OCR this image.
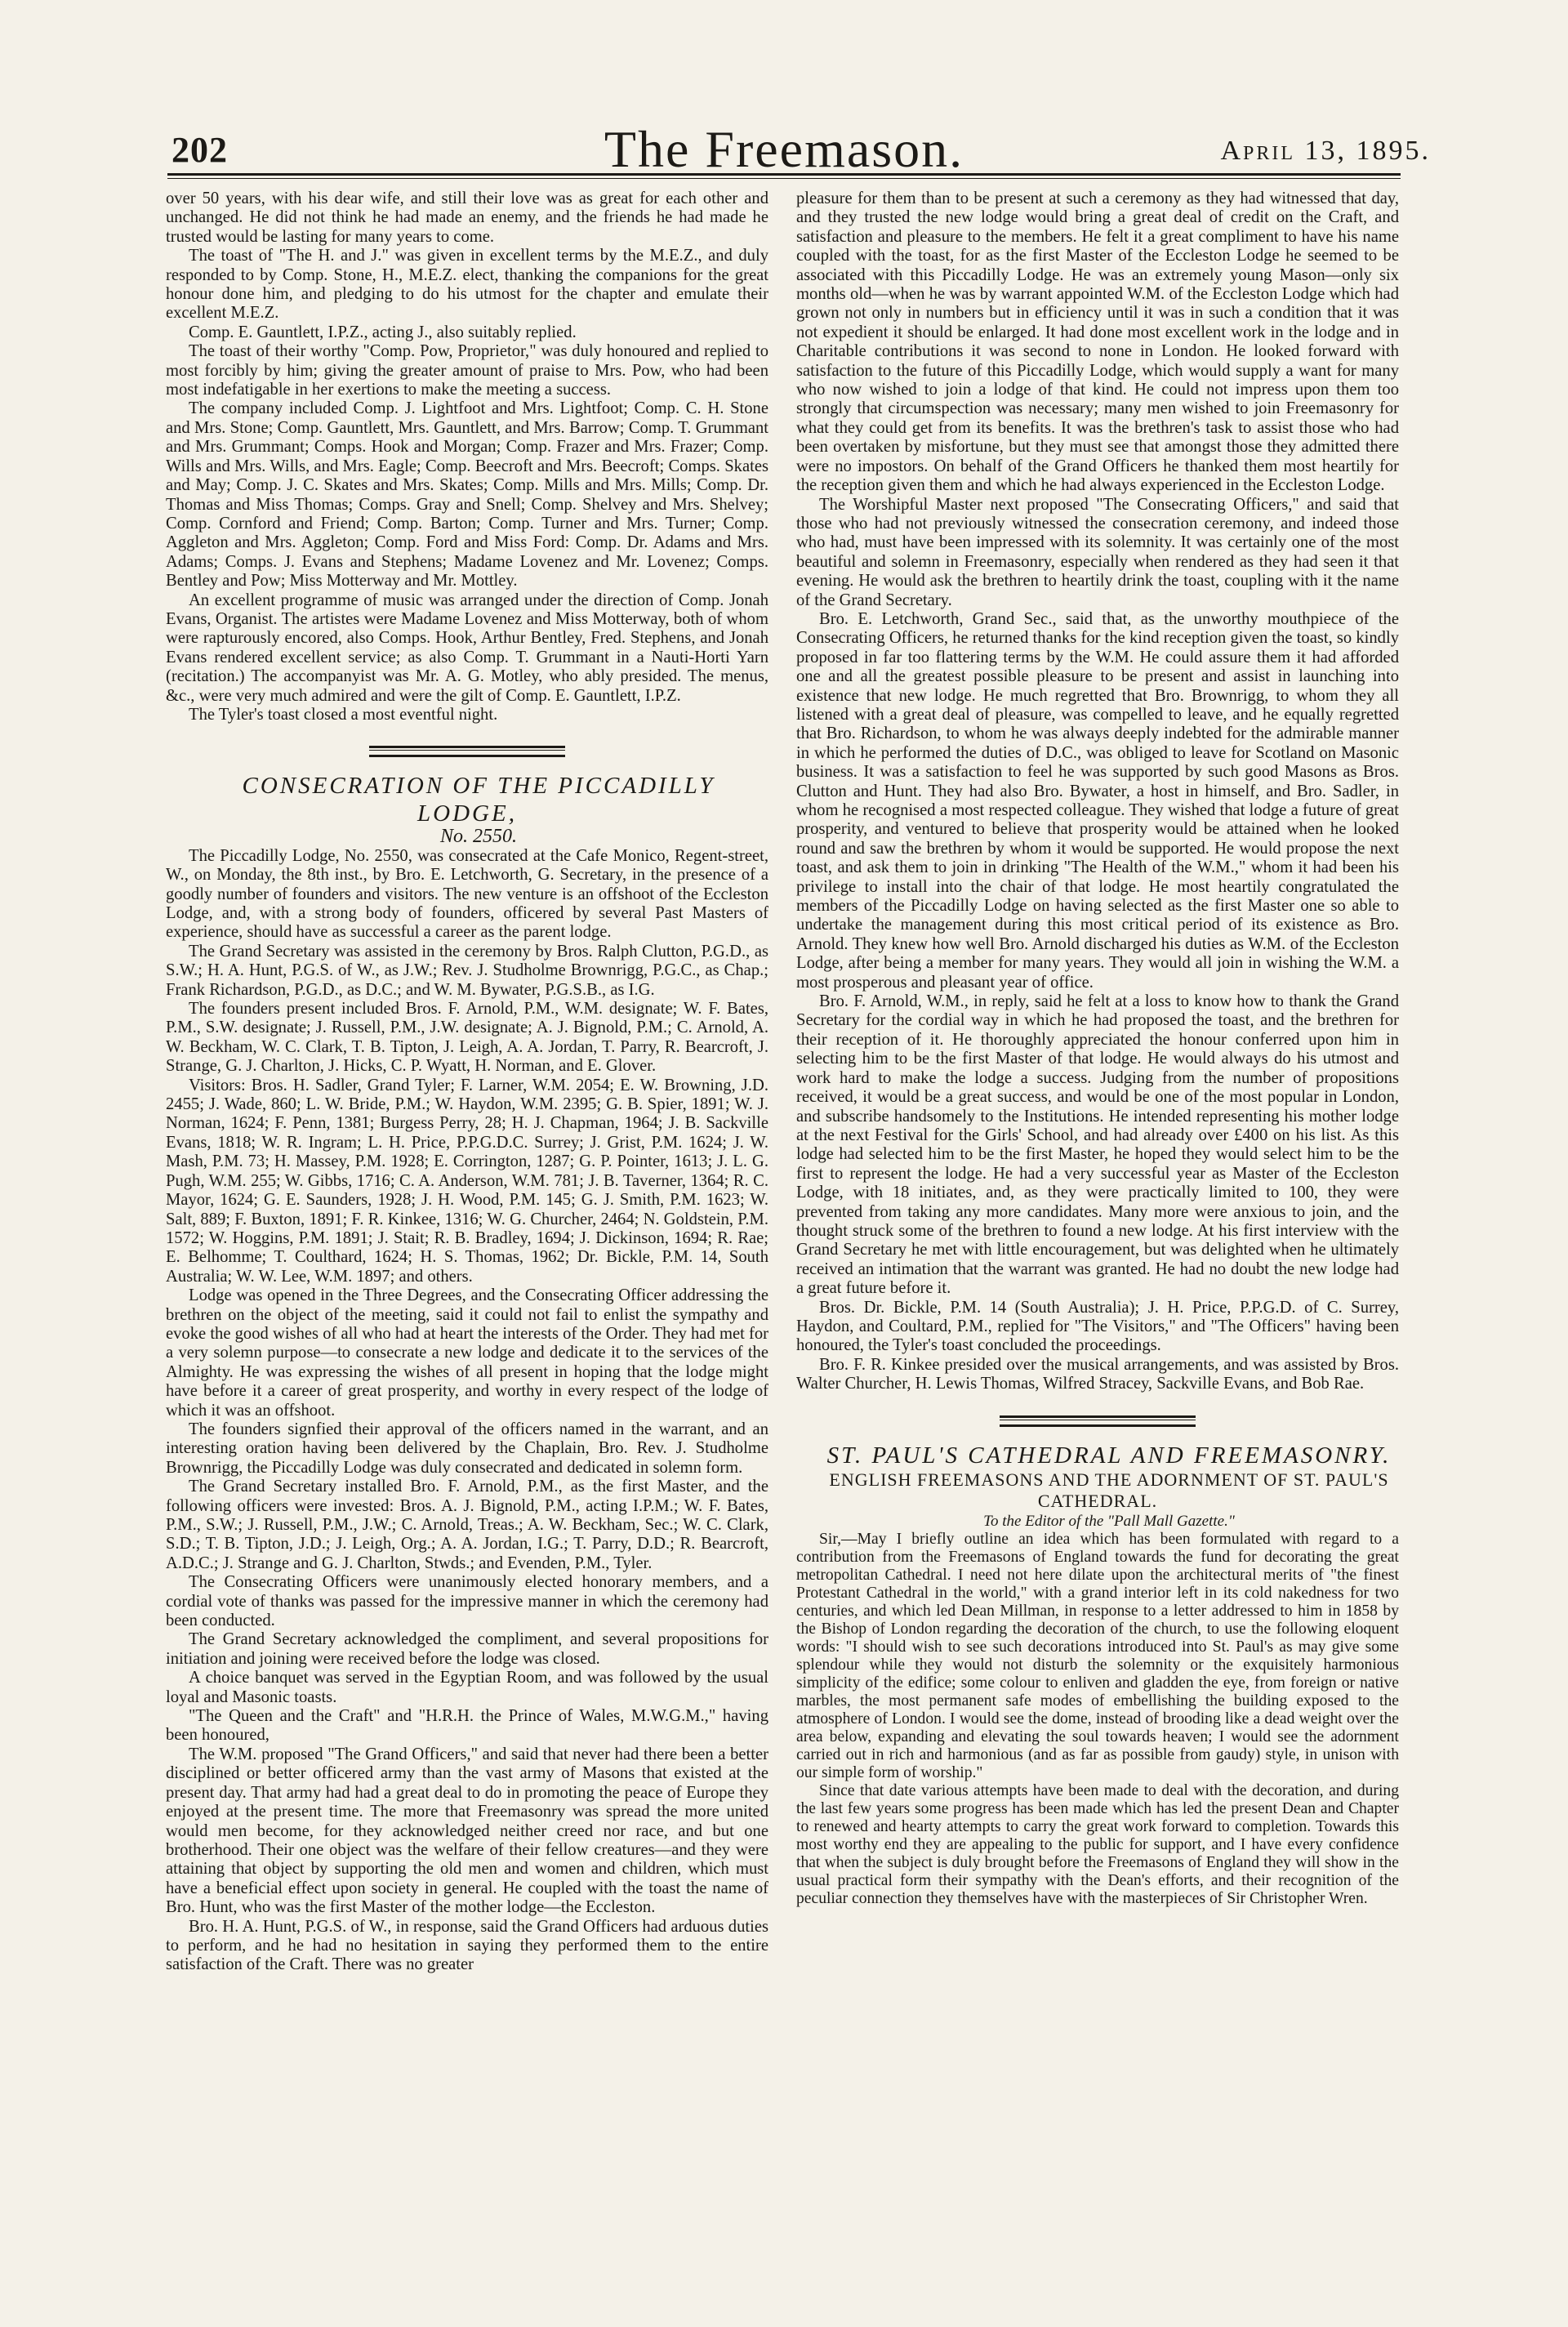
202	The Freemason.	April 13, 1895.

over 50 years, with his dear wife, and still their love was as great for each other and unchanged. He did not think he had made an enemy, and the friends he had made he trusted would be lasting for many years to come.

The toast of "The H. and J." was given in excellent terms by the M.E.Z., and duly responded to by Comp. Stone, H., M.E.Z. elect, thanking the companions for the great honour done him, and pledging to do his utmost for the chapter and emulate their excellent M.E.Z.

Comp. E. Gauntlett, I.P.Z., acting J., also suitably replied.

The toast of their worthy "Comp. Pow, Proprietor," was duly honoured and replied to most forcibly by him; giving the greater amount of praise to Mrs. Pow, who had been most indefatigable in her exertions to make the meeting a success.

The company included Comp. J. Lightfoot and Mrs. Lightfoot; Comp. C. H. Stone and Mrs. Stone; Comp. Gauntlett, Mrs. Gauntlett, and Mrs. Barrow; Comp. T. Grummant and Mrs. Grummant; Comps. Hook and Morgan; Comp. Frazer and Mrs. Frazer; Comp. Wills and Mrs. Wills, and Mrs. Eagle; Comp. Beecroft and Mrs. Beecroft; Comps. Skates and May; Comp. J. C. Skates and Mrs. Skates; Comp. Mills and Mrs. Mills; Comp. Dr. Thomas and Miss Thomas; Comps. Gray and Snell; Comp. Shelvey and Mrs. Shelvey; Comp. Cornford and Friend; Comp. Barton; Comp. Turner and Mrs. Turner; Comp. Aggleton and Mrs. Aggleton; Comp. Ford and Miss Ford: Comp. Dr. Adams and Mrs. Adams; Comps. J. Evans and Stephens; Madame Lovenez and Mr. Lovenez; Comps. Bentley and Pow; Miss Motterway and Mr. Mottley.

An excellent programme of music was arranged under the direction of Comp. Jonah Evans, Organist. The artistes were Madame Lovenez and Miss Motterway, both of whom were rapturously encored, also Comps. Hook, Arthur Bentley, Fred. Stephens, and Jonah Evans rendered excellent service; as also Comp. T. Grummant in a Nauti-Horti Yarn (recitation.) The accompanyist was Mr. A. G. Motley, who ably presided. The menus, &c., were very much admired and were the gilt of Comp. E. Gauntlett, I.P.Z.

The Tyler's toast closed a most eventful night.

CONSECRATION OF THE PICCADILLY LODGE,

No. 2550.

The Piccadilly Lodge, No. 2550, was consecrated at the Cafe Monico, Regent-street, W., on Monday, the 8th inst., by Bro. E. Letchworth, G. Secretary, in the presence of a goodly number of founders and visitors. The new venture is an offshoot of the Eccleston Lodge, and, with a strong body of founders, officered by several Past Masters of experience, should have as successful a career as the parent lodge.

The Grand Secretary was assisted in the ceremony by Bros. Ralph Clutton, P.G.D., as S.W.; H. A. Hunt, P.G.S. of W., as J.W.; Rev. J. Studholme Brownrigg, P.G.C., as Chap.; Frank Richardson, P.G.D., as D.C.; and W. M. Bywater, P.G.S.B., as I.G.

The founders present included Bros. F. Arnold, P.M., W.M. designate; W. F. Bates, P.M., S.W. designate; J. Russell, P.M., J.W. designate; A. J. Bignold, P.M.; C. Arnold, A. W. Beckham, W. C. Clark, T. B. Tipton, J. Leigh, A. A. Jordan, T. Parry, R. Bearcroft, J. Strange, G. J. Charlton, J. Hicks, C. P. Wyatt, H. Norman, and E. Glover.

Visitors: Bros. H. Sadler, Grand Tyler; F. Larner, W.M. 2054; E. W. Browning, J.D. 2455; J. Wade, 860; L. W. Bride, P.M.; W. Haydon, W.M. 2395; G. B. Spier, 1891; W. J. Norman, 1624; F. Penn, 1381; Burgess Perry, 28; H. J. Chapman, 1964; J. B. Sackville Evans, 1818; W. R. Ingram; L. H. Price, P.P.G.D.C. Surrey; J. Grist, P.M. 1624; J. W. Mash, P.M. 73; H. Massey, P.M. 1928; E. Corrington, 1287; G. P. Pointer, 1613; J. L. G. Pugh, W.M. 255; W. Gibbs, 1716; C. A. Anderson, W.M. 781; J. B. Taverner, 1364; R. C. Mayor, 1624; G. E. Saunders, 1928; J. H. Wood, P.M. 145; G. J. Smith, P.M. 1623; W. Salt, 889; F. Buxton, 1891; F. R. Kinkee, 1316; W. G. Churcher, 2464; N. Goldstein, P.M. 1572; W. Hoggins, P.M. 1891; J. Stait; R. B. Bradley, 1694; J. Dickinson, 1694; R. Rae; E. Belhomme; T. Coulthard, 1624; H. S. Thomas, 1962; Dr. Bickle, P.M. 14, South Australia; W. W. Lee, W.M. 1897; and others.

Lodge was opened in the Three Degrees, and the Consecrating Officer addressing the brethren on the object of the meeting, said it could not fail to enlist the sympathy and evoke the good wishes of all who had at heart the interests of the Order. They had met for a very solemn purpose—to consecrate a new lodge and dedicate it to the services of the Almighty. He was expressing the wishes of all present in hoping that the lodge might have before it a career of great prosperity, and worthy in every respect of the lodge of which it was an offshoot.

The founders signfied their approval of the officers named in the warrant, and an interesting oration having been delivered by the Chaplain, Bro. Rev. J. Studholme Brownrigg, the Piccadilly Lodge was duly consecrated and dedicated in solemn form.

The Grand Secretary installed Bro. F. Arnold, P.M., as the first Master, and the following officers were invested: Bros. A. J. Bignold, P.M., acting I.P.M.; W. F. Bates, P.M., S.W.; J. Russell, P.M., J.W.; C. Arnold, Treas.; A. W. Beckham, Sec.; W. C. Clark, S.D.; T. B. Tipton, J.D.; J. Leigh, Org.; A. A. Jordan, I.G.; T. Parry, D.D.; R. Bearcroft, A.D.C.; J. Strange and G. J. Charlton, Stwds.; and Evenden, P.M., Tyler.

The Consecrating Officers were unanimously elected honorary members, and a cordial vote of thanks was passed for the impressive manner in which the ceremony had been conducted.

The Grand Secretary acknowledged the compliment, and several propositions for initiation and joining were received before the lodge was closed.

A choice banquet was served in the Egyptian Room, and was followed by the usual loyal and Masonic toasts.

"The Queen and the Craft" and "H.R.H. the Prince of Wales, M.W.G.M.," having been honoured,

The W.M. proposed "The Grand Officers," and said that never had there been a better disciplined or better officered army than the vast army of Masons that existed at the present day. That army had had a great deal to do in promoting the peace of Europe they enjoyed at the present time. The more that Freemasonry was spread the more united would men become, for they acknowledged neither creed nor race, and but one brotherhood. Their one object was the welfare of their fellow creatures—and they were attaining that object by supporting the old men and women and children, which must have a beneficial effect upon society in general. He coupled with the toast the name of Bro. Hunt, who was the first Master of the mother lodge—the Eccleston.

Bro. H. A. Hunt, P.G.S. of W., in response, said the Grand Officers had arduous duties to perform, and he had no hesitation in saying they performed them to the entire satisfaction of the Craft. There was no greater

pleasure for them than to be present at such a ceremony as they had witnessed that day, and they trusted the new lodge would bring a great deal of credit on the Craft, and satisfaction and pleasure to the members. He felt it a great compliment to have his name coupled with the toast, for as the first Master of the Eccleston Lodge he seemed to be associated with this Piccadilly Lodge. He was an extremely young Mason—only six months old—when he was by warrant appointed W.M. of the Eccleston Lodge which had grown not only in numbers but in efficiency until it was in such a condition that it was not expedient it should be enlarged. It had done most excellent work in the lodge and in Charitable contributions it was second to none in London. He looked forward with satisfaction to the future of this Piccadilly Lodge, which would supply a want for many who now wished to join a lodge of that kind. He could not impress upon them too strongly that circumspection was necessary; many men wished to join Freemasonry for what they could get from its benefits. It was the brethren's task to assist those who had been overtaken by misfortune, but they must see that amongst those they admitted there were no impostors. On behalf of the Grand Officers he thanked them most heartily for the reception given them and which he had always experienced in the Eccleston Lodge.

The Worshipful Master next proposed "The Consecrating Officers," and said that those who had not previously witnessed the consecration ceremony, and indeed those who had, must have been impressed with its solemnity. It was certainly one of the most beautiful and solemn in Freemasonry, especially when rendered as they had seen it that evening. He would ask the brethren to heartily drink the toast, coupling with it the name of the Grand Secretary.

Bro. E. Letchworth, Grand Sec., said that, as the unworthy mouthpiece of the Consecrating Officers, he returned thanks for the kind reception given the toast, so kindly proposed in far too flattering terms by the W.M. He could assure them it had afforded one and all the greatest possible pleasure to be present and assist in launching into existence that new lodge. He much regretted that Bro. Brownrigg, to whom they all listened with a great deal of pleasure, was compelled to leave, and he equally regretted that Bro. Richardson, to whom he was always deeply indebted for the admirable manner in which he performed the duties of D.C., was obliged to leave for Scotland on Masonic business. It was a satisfaction to feel he was supported by such good Masons as Bros. Clutton and Hunt. They had also Bro. Bywater, a host in himself, and Bro. Sadler, in whom he recognised a most respected colleague. They wished that lodge a future of great prosperity, and ventured to believe that prosperity would be attained when he looked round and saw the brethren by whom it would be supported. He would propose the next toast, and ask them to join in drinking "The Health of the W.M.," whom it had been his privilege to install into the chair of that lodge. He most heartily congratulated the members of the Piccadilly Lodge on having selected as the first Master one so able to undertake the management during this most critical period of its existence as Bro. Arnold. They knew how well Bro. Arnold discharged his duties as W.M. of the Eccleston Lodge, after being a member for many years. They would all join in wishing the W.M. a most prosperous and pleasant year of office.

Bro. F. Arnold, W.M., in reply, said he felt at a loss to know how to thank the Grand Secretary for the cordial way in which he had proposed the toast, and the brethren for their reception of it. He thoroughly appreciated the honour conferred upon him in selecting him to be the first Master of that lodge. He would always do his utmost and work hard to make the lodge a success. Judging from the number of propositions received, it would be a great success, and would be one of the most popular in London, and subscribe handsomely to the Institutions. He intended representing his mother lodge at the next Festival for the Girls' School, and had already over £400 on his list. As this lodge had selected him to be the first Master, he hoped they would select him to be the first to represent the lodge. He had a very successful year as Master of the Eccleston Lodge, with 18 initiates, and, as they were practically limited to 100, they were prevented from taking any more candidates. Many more were anxious to join, and the thought struck some of the brethren to found a new lodge. At his first interview with the Grand Secretary he met with little encouragement, but was delighted when he ultimately received an intimation that the warrant was granted. He had no doubt the new lodge had a great future before it.

Bros. Dr. Bickle, P.M. 14 (South Australia); J. H. Price, P.P.G.D. of C. Surrey, Haydon, and Coultard, P.M., replied for "The Visitors," and "The Officers" having been honoured, the Tyler's toast concluded the proceedings.

Bro. F. R. Kinkee presided over the musical arrangements, and was assisted by Bros. Walter Churcher, H. Lewis Thomas, Wilfred Stracey, Sackville Evans, and Bob Rae.

ST. PAUL'S CATHEDRAL AND FREEMASONRY.

ENGLISH FREEMASONS AND THE ADORNMENT OF ST. PAUL'S CATHEDRAL.

To the Editor of the "Pall Mall Gazette."

Sir,—May I briefly outline an idea which has been formulated with regard to a contribution from the Freemasons of England towards the fund for decorating the great metropolitan Cathedral. I need not here dilate upon the architectural merits of "the finest Protestant Cathedral in the world," with a grand interior left in its cold nakedness for two centuries, and which led Dean Millman, in response to a letter addressed to him in 1858 by the Bishop of London regarding the decoration of the church, to use the following eloquent words: "I should wish to see such decorations introduced into St. Paul's as may give some splendour while they would not disturb the solemnity or the exquisitely harmonious simplicity of the edifice; some colour to enliven and gladden the eye, from foreign or native marbles, the most permanent safe modes of embellishing the building exposed to the atmosphere of London. I would see the dome, instead of brooding like a dead weight over the area below, expanding and elevating the soul towards heaven; I would see the adornment carried out in rich and harmonious (and as far as possible from gaudy) style, in unison with our simple form of worship."

Since that date various attempts have been made to deal with the decoration, and during the last few years some progress has been made which has led the present Dean and Chapter to renewed and hearty attempts to carry the great work forward to completion. Towards this most worthy end they are appealing to the public for support, and I have every confidence that when the subject is duly brought before the Freemasons of England they will show in the usual practical form their sympathy with the Dean's efforts, and their recognition of the peculiar connection they themselves have with the masterpieces of Sir Christopher Wren.
